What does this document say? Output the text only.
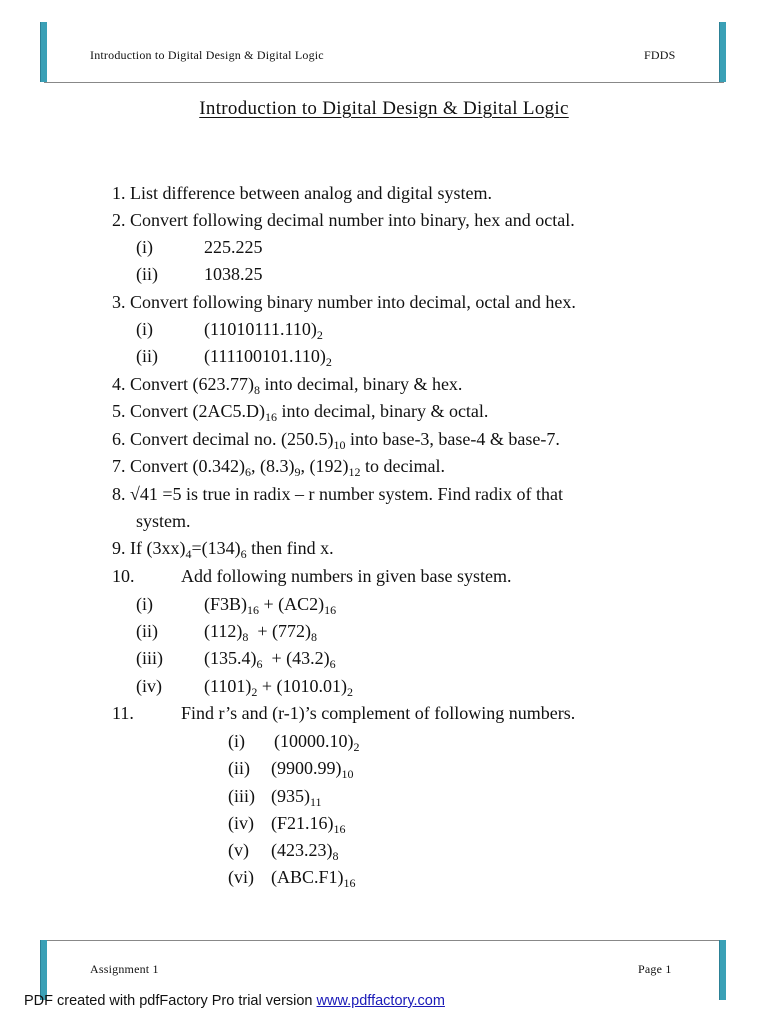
Introduction to Digital Design & Digital Logic	FDDS
Introduction to Digital Design & Digital Logic
1. List difference between analog and digital system.
2. Convert following decimal number into binary, hex and octal.
(i)	225.225
(ii)	1038.25
3. Convert following binary number into decimal, octal and hex.
(i)	$(11010111.110)_2$
(ii)	$(111100101.110)_2$
4. Convert $(623.77)_8$ into decimal, binary & hex.
5. Convert $(2AC5.D)_{16}$ into decimal, binary & octal.
6. Convert decimal no. $(250.5)_{10}$ into base-3, base-4 & base-7.
7. Convert $(0.342)_6$, $(8.3)_9$, $(192)_{12}$ to decimal.
8. √41 =5 is true in radix – r number system. Find radix of that
system.
9. If $(3xx)_4=(134)_6$ then find x.
10.	Add following numbers in given base system.
(i)	$(F3B)_{16} + (AC2)_{16}$
(ii)	$(112)_8 + (772)_8$
(iii) $(135.4)_6 + (43.2)_6$
(iv) $(1101)_2 + (1010.01)_2$
11.	Find r’s and (r-1)’s complement of following numbers.
(i) $(10000.10)_2$
(ii) $(9900.99)_{10}$
(iii) $(935)_{11}$
(iv) $(F21.16)_{16}$
(v) $(423.23)_8$
(vi) $(ABC.F1)_{16}$
Assignment 1	Page 1
PDF created with pdfFactory Pro trial version www.pdffactory.com
